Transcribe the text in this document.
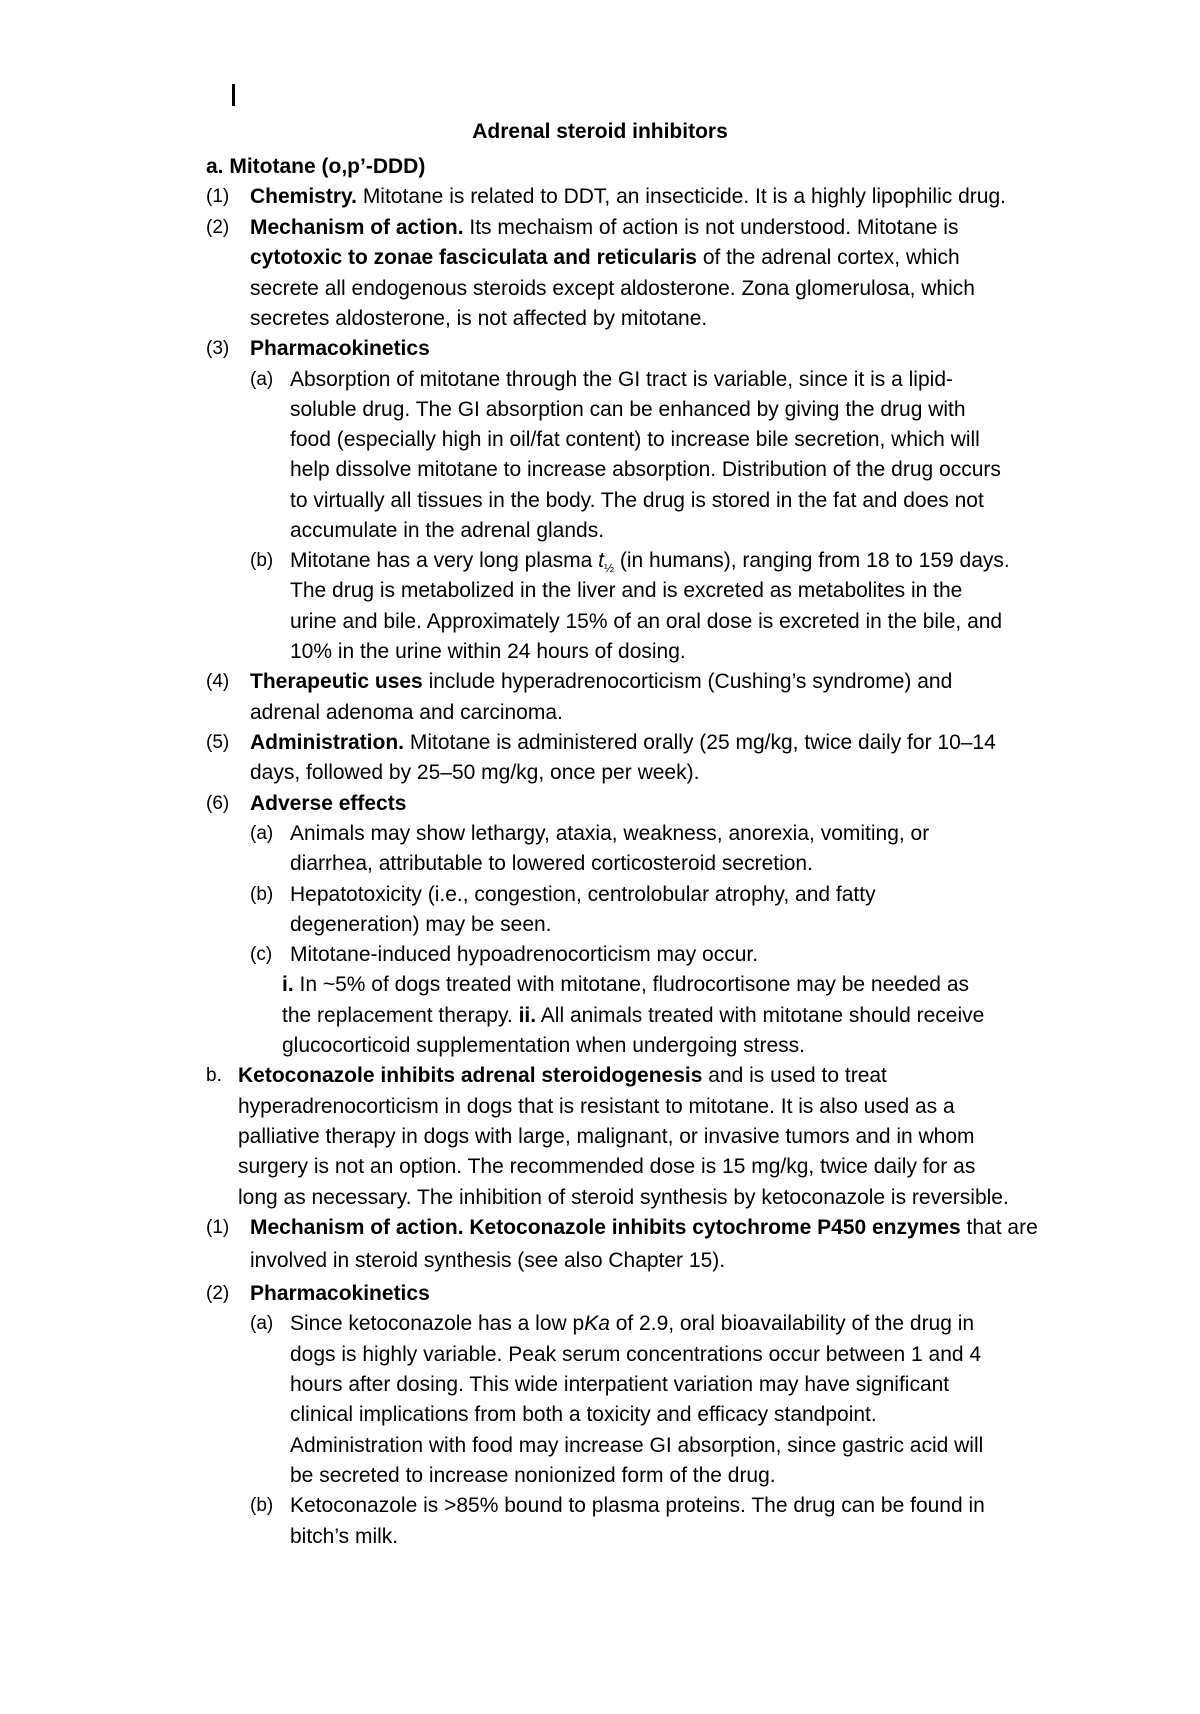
Adrenal steroid inhibitors
a. Mitotane (o,p’-DDD)
(1) Chemistry. Mitotane is related to DDT, an insecticide. It is a highly lipophilic drug.
(2) Mechanism of action. Its mechaism of action is not understood. Mitotane is
cytotoxic to zonae fasciculata and reticularis of the adrenal cortex, which
secrete all endogenous steroids except aldosterone. Zona glomerulosa, which
secretes aldosterone, is not affected by mitotane.
(3) Pharmacokinetics
(a) Absorption of mitotane through the GI tract is variable, since it is a lipid-
soluble drug. The GI absorption can be enhanced by giving the drug with
food (especially high in oil/fat content) to increase bile secretion, which will
help dissolve mitotane to increase absorption. Distribution of the drug occurs
to virtually all tissues in the body. The drug is stored in the fat and does not
accumulate in the adrenal glands.
(b) Mitotane has a very long plasma $t_{\frac{1}{2}}$ (in humans), ranging from 18 to 159 days.
The drug is metabolized in the liver and is excreted as metabolites in the
urine and bile. Approximately 15% of an oral dose is excreted in the bile, and
10% in the urine within 24 hours of dosing.
(4) Therapeutic uses include hyperadrenocorticism (Cushing’s syndrome) and
adrenal adenoma and carcinoma.
(5) Administration. Mitotane is administered orally (25 mg/kg, twice daily for 10–14
days, followed by 25–50 mg/kg, once per week).
(6) Adverse effects
(a) Animals may show lethargy, ataxia, weakness, anorexia, vomiting, or
diarrhea, attributable to lowered corticosteroid secretion.
(b) Hepatotoxicity (i.e., congestion, centrolobular atrophy, and fatty
degeneration) may be seen.
(c) Mitotane-induced hypoadrenocorticism may occur.
i. In ~5% of dogs treated with mitotane, fludrocortisone may be needed as
the replacement therapy. ii. All animals treated with mitotane should receive
glucocorticoid supplementation when undergoing stress.
b. Ketoconazole inhibits adrenal steroidogenesis and is used to treat
hyperadrenocorticism in dogs that is resistant to mitotane. It is also used as a
palliative therapy in dogs with large, malignant, or invasive tumors and in whom
surgery is not an option. The recommended dose is 15 mg/kg, twice daily for as
long as necessary. The inhibition of steroid synthesis by ketoconazole is reversible.
(1) Mechanism of action. Ketoconazole inhibits cytochrome P450 enzymes that are
involved in steroid synthesis (see also Chapter 15).
(2) Pharmacokinetics
(a) Since ketoconazole has a low pKa of 2.9, oral bioavailability of the drug in
dogs is highly variable. Peak serum concentrations occur between 1 and 4
hours after dosing. This wide interpatient variation may have significant
clinical implications from both a toxicity and efficacy standpoint.
Administration with food may increase GI absorption, since gastric acid will
be secreted to increase nonionized form of the drug.
(b) Ketoconazole is >85% bound to plasma proteins. The drug can be found in
bitch’s milk.
